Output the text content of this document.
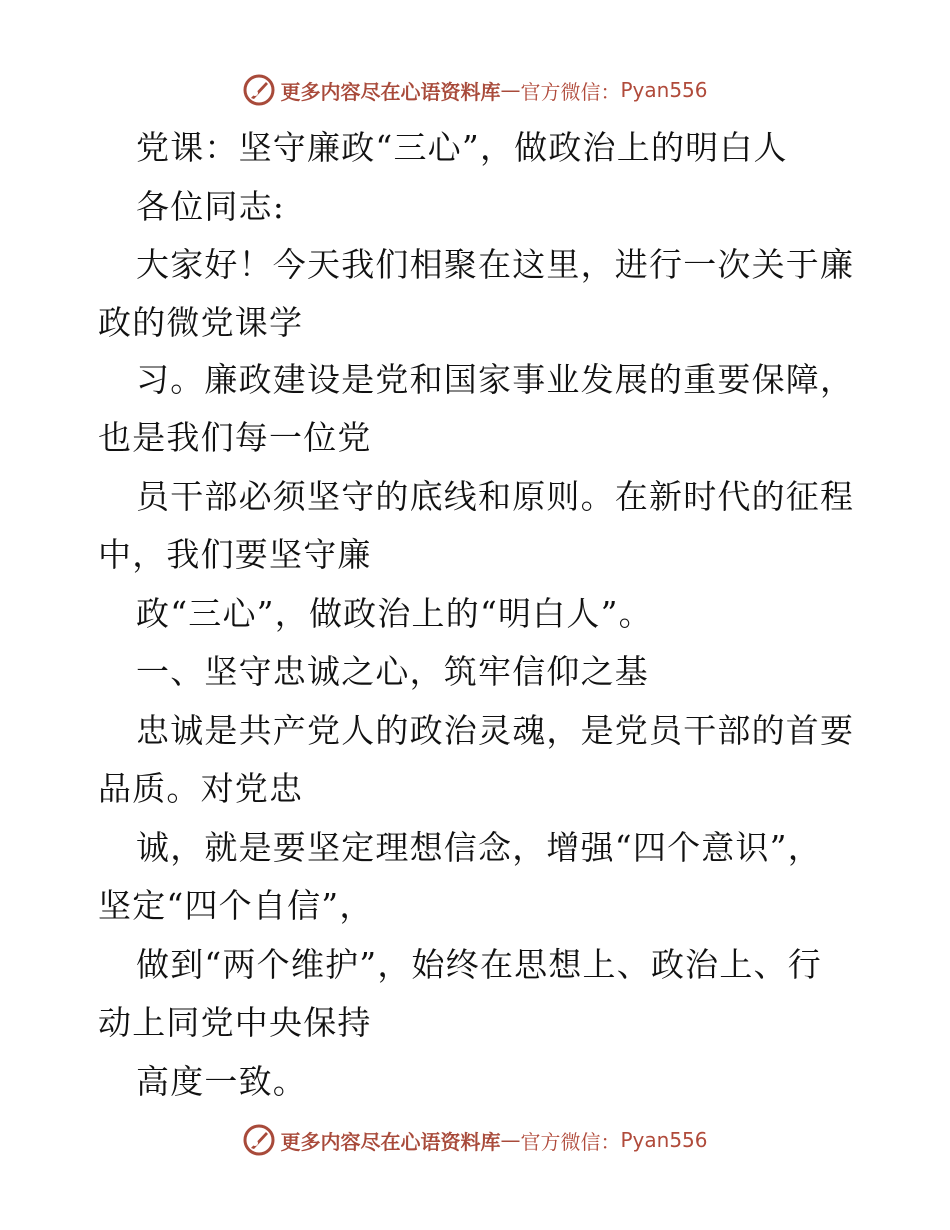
更多内容尽在心语资料库 — 官方微信： Pyan556
党课：坚守廉政“三心”，做政治上的明白人
各位同志:
大家好！今天我们相聚在这里，进行一次关于廉
政的微党课学
习。廉政建设是党和国家事业发展的重要保障，
也是我们每一位党
员干部必须坚守的底线和原则。在新时代的征程
中，我们要坚守廉
政“三心”，做政治上的“明白人”。
一、坚守忠诚之心，筑牢信仰之基
忠诚是共产党人的政治灵魂，是党员干部的首要
品质。对党忠
诚，就是要坚定理想信念，增强“四个意识”，
坚定“四个自信”，
做到“两个维护”，始终在思想上、政治上、行
动上同党中央保持
高度一致。
更多内容尽在心语资料库 — 官方微信： Pyan556
